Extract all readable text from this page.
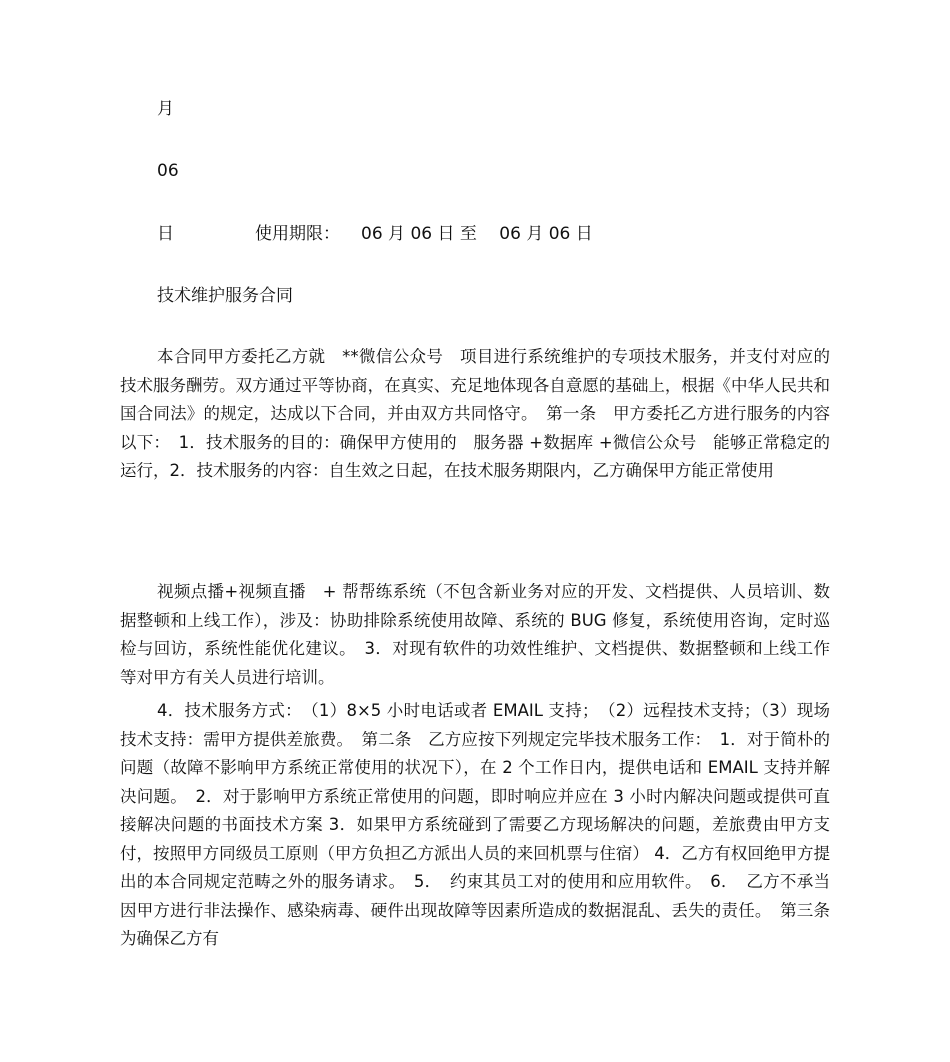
月

06

日	使用期限：	06 月 06 日 至　 06 月 06 日

技术维护服务合同

本合同甲方委托乙方就　**微信公众号　项目进行系统维护的专项技术服务，并支付对应的技术服务酬劳。双方通过平等协商，在真实、充足地体现各自意愿的基础上，根据《中华人民共和国合同法》的规定，达成以下合同，并由双方共同恪守。　第一条　甲方委托乙方进行服务的内容以下：　1．技术服务的目的：确保甲方使用的　服务器 +数据库 +微信公众号　能够正常稳定的运行，2．技术服务的内容：自生效之日起，在技术服务期限内，乙方确保甲方能正常使用

视频点播+视频直播　+ 帮帮练系统（不包含新业务对应的开发、文档提供、人员培训、数据整顿和上线工作），涉及：协助排除系统使用故障、系统的 BUG 修复，系统使用咨询，定时巡检与回访，系统性能优化建议。　3．对现有软件的功效性维护、文档提供、数据整顿和上线工作等对甲方有关人员进行培训。

4．技术服务方式：　（1）8×5 小时电话或者 EMAIL 支持；　（2）远程技术支持；（3）现场技术支持：需甲方提供差旅费。　第二条　乙方应按下列规定完毕技术服务工作：　1．对于简朴的问题（故障不影响甲方系统正常使用的状况下），在 2 个工作日内，提供电话和 EMAIL 支持并解决问题。　2．对于影响甲方系统正常使用的问题，即时响应并应在 3 小时内解决问题或提供可直接解决问题的书面技术方案 3．如果甲方系统碰到了需要乙方现场解决的问题，差旅费由甲方支付，按照甲方同级员工原则（甲方负担乙方派出人员的来回机票与住宿） 4．乙方有权回绝甲方提出的本合同规定范畴之外的服务请求。　5．　约束其员工对的使用和应用软件。　6．　乙方不承当因甲方进行非法操作、感染病毒、硬件出现故障等因素所造成的数据混乱、丢失的责任。　第三条　为确保乙方有
